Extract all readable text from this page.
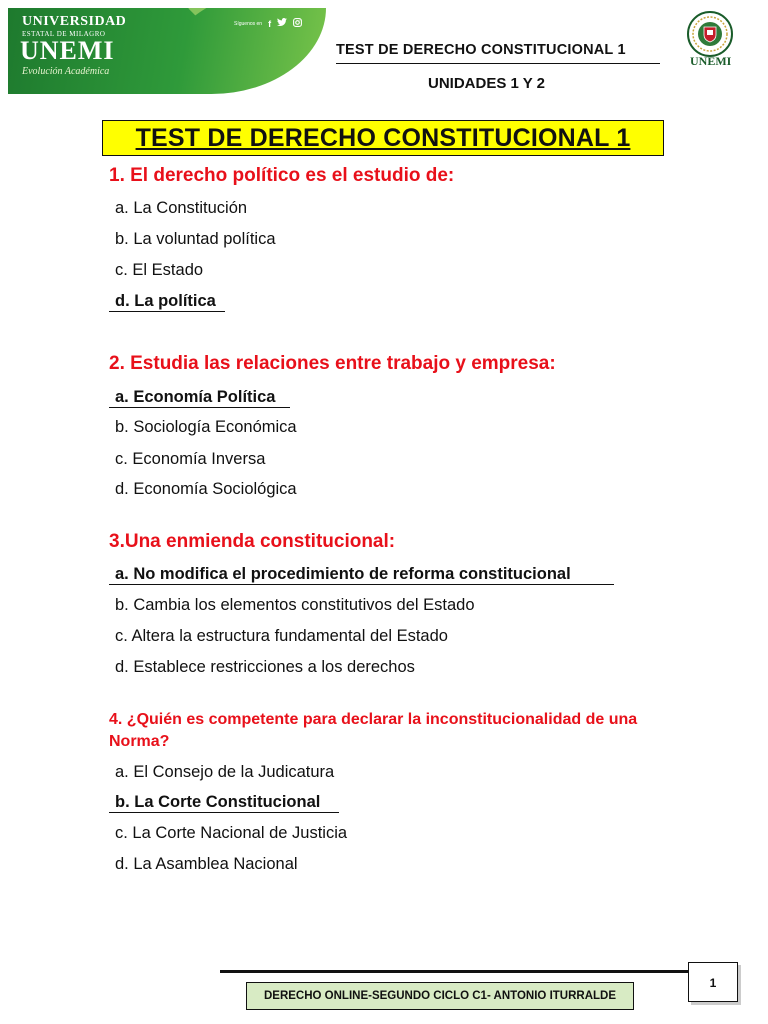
UNIVERSIDAD
ESTATAL DE MILAGRO
UNEMI
Evolución Académica
Síguenos en f
TEST DE DERECHO CONSTITUCIONAL 1
UNIDADES 1 Y 2
UNEMI
TEST DE DERECHO CONSTITUCIONAL 1
1. El derecho político es el estudio de:
a. La Constitución
b. La voluntad política
c. El Estado
d. La política
2. Estudia las relaciones entre trabajo y empresa:
a. Economía Política
b. Sociología Económica
c. Economía Inversa
d. Economía Sociológica
3.Una enmienda constitucional:
a. No modifica el procedimiento de reforma constitucional
b. Cambia los elementos constitutivos del Estado
c. Altera la estructura fundamental del Estado
d. Establece restricciones a los derechos
4. ¿Quién es competente para declarar la inconstitucionalidad de una Norma?
a. El Consejo de la Judicatura
b. La Corte Constitucional
c. La Corte Nacional de Justicia
d. La Asamblea Nacional
DERECHO ONLINE-SEGUNDO CICLO C1- ANTONIO ITURRALDE
1
